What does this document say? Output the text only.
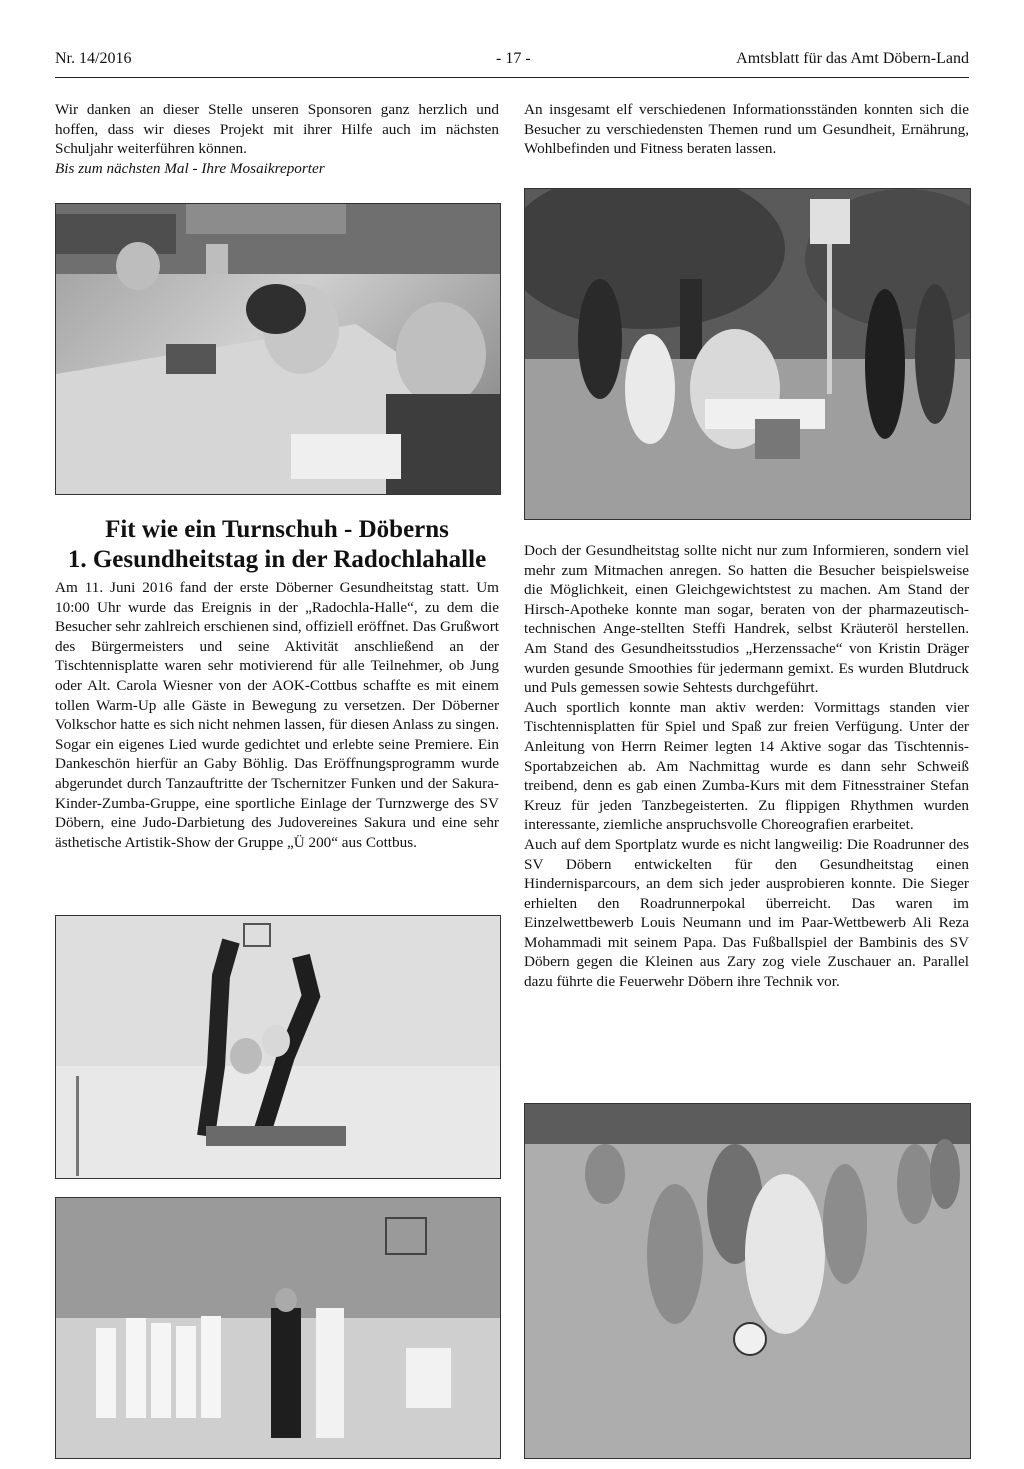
Nr. 14/2016	- 17 -	Amtsblatt für das Amt Döbern-Land

Wir danken an dieser Stelle unseren Sponsoren ganz herzlich und hoffen, dass wir dieses Projekt mit ihrer Hilfe auch im nächsten Schuljahr weiterführen können.

Bis zum nächsten Mal - Ihre Mosaikreporter

An insgesamt elf verschiedenen Informationsständen konnten sich die Besucher zu verschiedensten Themen rund um Gesundheit, Ernährung, Wohlbefinden und Fitness beraten lassen.

Fit wie ein Turnschuh - Döberns
1. Gesundheitstag in der Radochlahalle

Am 11. Juni 2016 fand der erste Döberner Gesundheitstag statt. Um 10:00 Uhr wurde das Ereignis in der „Radochla-Halle“, zu dem die Besucher sehr zahlreich erschienen sind, offiziell eröffnet. Das Grußwort des Bürgermeisters und seine Aktivität anschließend an der Tischtennisplatte waren sehr motivierend für alle Teilnehmer, ob Jung oder Alt. Carola Wiesner von der AOK-Cottbus schaffte es mit einem tollen Warm-Up alle Gäste in Bewegung zu versetzen. Der Döberner Volkschor hatte es sich nicht nehmen lassen, für diesen Anlass zu singen. Sogar ein eigenes Lied wurde gedichtet und erlebte seine Premiere. Ein Dankeschön hierfür an Gaby Böhlig. Das Eröffnungsprogramm wurde abgerundet durch Tanzauftritte der Tschernitzer Funken und der Sakura-Kinder-Zumba-Gruppe, eine sportliche Einlage der Turnzwerge des SV Döbern, eine Judo-Darbietung des Judovereines Sakura und eine sehr ästhetische Artistik-Show der Gruppe „Ü 200“ aus Cottbus.

Doch der Gesundheitstag sollte nicht nur zum Informieren, sondern viel mehr zum Mitmachen anregen. So hatten die Besucher beispielsweise die Möglichkeit, einen Gleichgewichtstest zu machen. Am Stand der Hirsch-Apotheke konnte man sogar, beraten von der pharmazeutisch-technischen Ange-stellten Steffi Handrek, selbst Kräuteröl herstellen. Am Stand des Gesundheitsstudios „Herzenssache“ von Kristin Dräger wurden gesunde Smoothies für jedermann gemixt. Es wurden Blutdruck und Puls gemessen sowie Sehtests durchgeführt.

Auch sportlich konnte man aktiv werden: Vormittags standen vier Tischtennisplatten für Spiel und Spaß zur freien Verfügung. Unter der Anleitung von Herrn Reimer legten 14 Aktive sogar das Tischtennis-Sportabzeichen ab. Am Nachmittag wurde es dann sehr Schweiß treibend, denn es gab einen Zumba-Kurs mit dem Fitnesstrainer Stefan Kreuz für jeden Tanzbegeisterten. Zu flippigen Rhythmen wurden interessante, ziemliche anspruchsvolle Choreografien erarbeitet.

Auch auf dem Sportplatz wurde es nicht langweilig: Die Roadrunner des SV Döbern entwickelten für den Gesundheitstag einen Hindernisparcours, an dem sich jeder ausprobieren konnte. Die Sieger erhielten den Roadrunnerpokal überreicht. Das waren im Einzelwettbewerb Louis Neumann und im Paar-Wettbewerb Ali Reza Mohammadi mit seinem Papa. Das Fußballspiel der Bambinis des SV Döbern gegen die Kleinen aus Zary zog viele Zuschauer an. Parallel dazu führte die Feuerwehr Döbern ihre Technik vor.
